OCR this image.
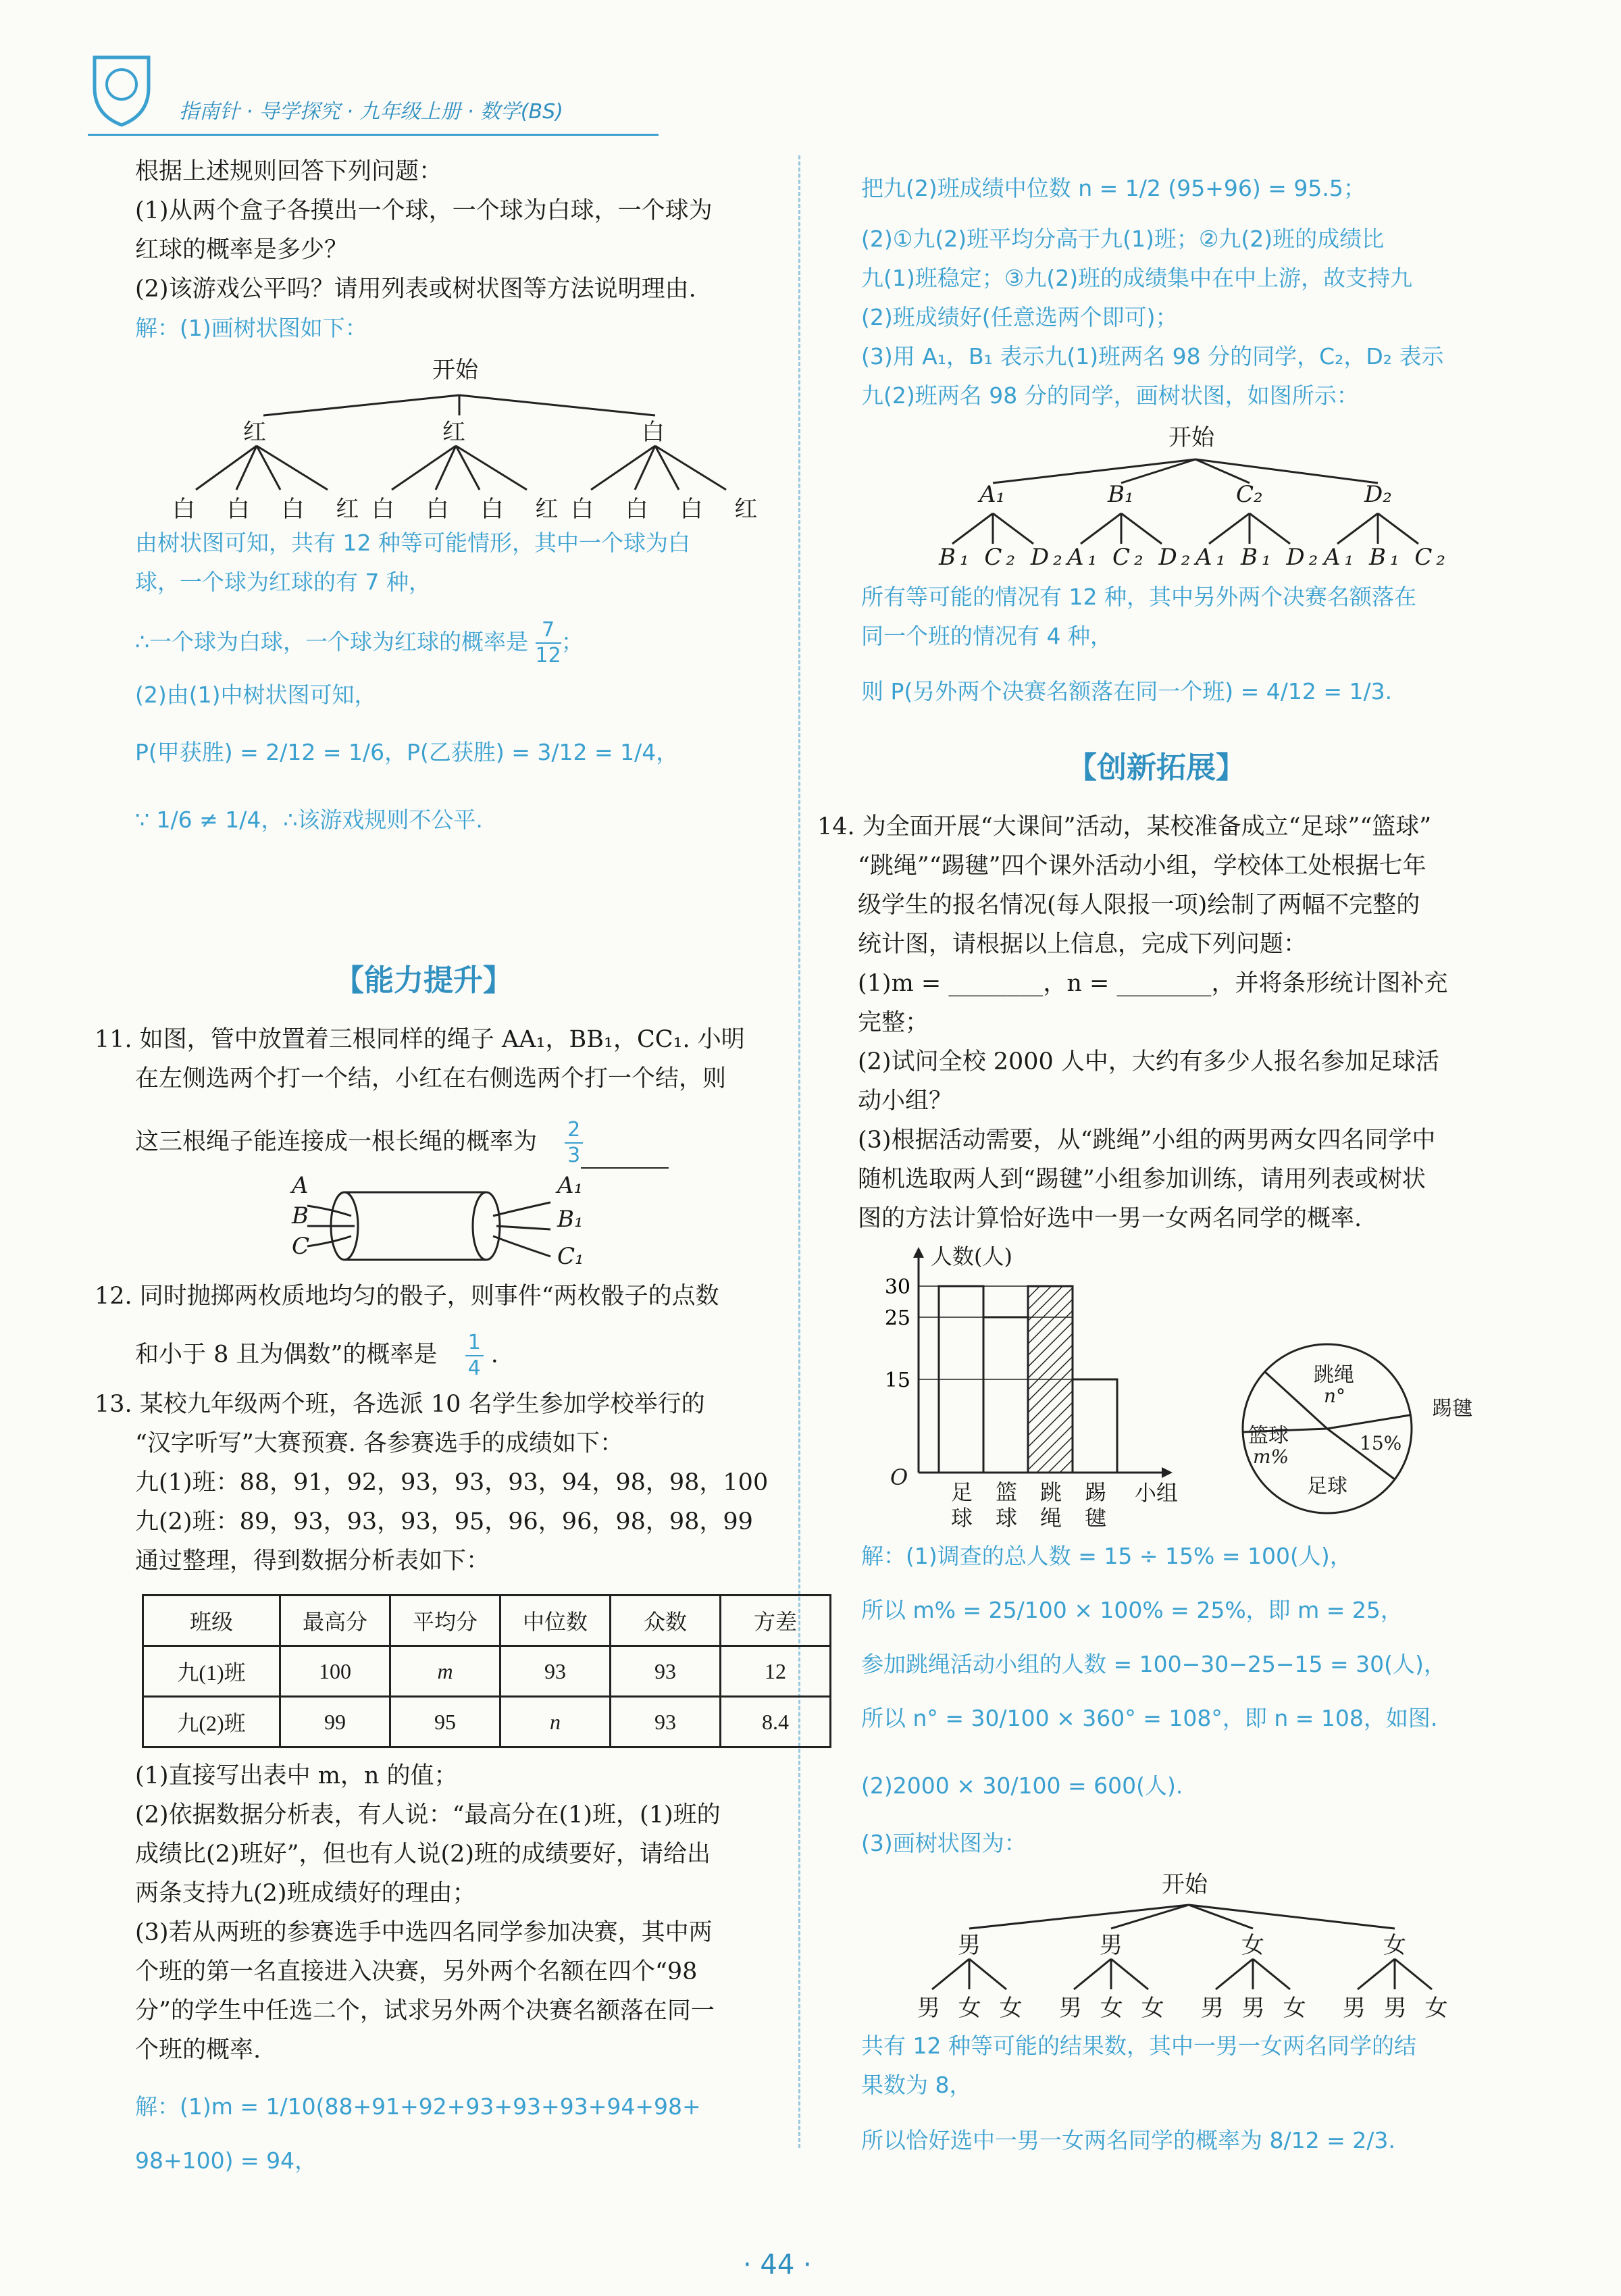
指南针 · 导学探究 · 九年级上册 · 数学(BS)
根据上述规则回答下列问题：
(1)从两个盒子各摸出一个球，一个球为白球，一个球为
红球的概率是多少？
(2)该游戏公平吗？请用列表或树状图等方法说明理由.
解：(1)画树状图如下：
开始
红	红	白
白 白 白 红 白 白 白 红 白 白 白 红
由树状图可知，共有 12 种等可能情形，其中一个球为白
球，一个球为红球的有 7 种，
∴一个球为白球，一个球为红球的概率是 $\frac{7}{12}$ ；
(2)由(1)中树状图可知，
P(甲获胜) = 2/12 = 1/6，P(乙获胜) = 3/12 = 1/4，
∵ 1/6 ≠ 1/4，∴该游戏规则不公平.
【能力提升】
11. 如图，管中放置着三根同样的绳子 AA₁，BB₁，CC₁. 小明
在左侧选两个打一个结，小红在右侧选两个打一个结，则
这三根绳子能连接成一根长绳的概率为 $\frac{2}{3}$
A
B
C
A₁
B₁
C₁
12. 同时抛掷两枚质地均匀的骰子，则事件“两枚骰子的点数
和小于 8 且为偶数”的概率是 $\frac{1}{4}$ .
13. 某校九年级两个班，各选派 10 名学生参加学校举行的
“汉字听写”大赛预赛. 各参赛选手的成绩如下：
九(1)班：88，91，92，93，93，93，94，98，98，100
九(2)班：89，93，93，93，95，96，96，98，98，99
通过整理，得到数据分析表如下：
班级	最高分	平均分	中位数	众数	方差
九(1)班	100	m	93	93	12
九(2)班	99	95	n	93	8.4
(1)直接写出表中 m，n 的值；
(2)依据数据分析表，有人说：“最高分在(1)班，(1)班的
成绩比(2)班好”，但也有人说(2)班的成绩要好，请给出
两条支持九(2)班成绩好的理由；
(3)若从两班的参赛选手中选四名同学参加决赛，其中两
个班的第一名直接进入决赛，另外两个名额在四个“98
分”的学生中任选二个，试求另外两个决赛名额落在同一
个班的概率.
解：(1)m = 1/10(88+91+92+93+93+93+94+98+
98+100) = 94，
把九(2)班成绩中位数 n = 1/2 (95+96) = 95.5；
(2)①九(2)班平均分高于九(1)班；②九(2)班的成绩比
九(1)班稳定；③九(2)班的成绩集中在中上游，故支持九
(2)班成绩好(任意选两个即可)；
(3)用 A₁，B₁ 表示九(1)班两名 98 分的同学，C₂，D₂ 表示
九(2)班两名 98 分的同学，画树状图，如图所示：
开始
A₁	B₁	C₂	D₂
B₁ C₂ D₂ A₁ C₂ D₂ A₁ B₁ D₂ A₁ B₁ C₂
所有等可能的情况有 12 种，其中另外两个决赛名额落在
同一个班的情况有 4 种，
则 P(另外两个决赛名额落在同一个班) = 4/12 = 1/3.
【创新拓展】
14. 为全面开展“大课间”活动，某校准备成立“足球”“篮球”
“跳绳”“踢毽”四个课外活动小组，学校体工处根据七年
级学生的报名情况(每人限报一项)绘制了两幅不完整的
统计图，请根据以上信息，完成下列问题：
(1)m = ________，n = ________，并将条形统计图补充
完整；
(2)试问全校 2000 人中，大约有多少人报名参加足球活
动小组？
(3)根据活动需要，从“跳绳”小组的两男两女四名同学中
随机选取两人到“踢毽”小组参加训练，请用列表或树状
图的方法计算恰好选中一男一女两名同学的概率.
15
25
30
人数(人)
小组
O
足球
篮球
跳绳
踢毽
跳绳
n°
踢毽
15%
篮球
m%
足球
解：(1)调查的总人数 = 15 ÷ 15% = 100(人)，
所以 m% = 25/100 × 100% = 25%，即 m = 25，
参加跳绳活动小组的人数 = 100−30−25−15 = 30(人)，
所以 n° = 30/100 × 360° = 108°，即 n = 108，如图.
(2)2000 × 30/100 = 600(人).
(3)画树状图为：
开始
男	男	女	女
男 女 女 男 女 女 男 男 女 男 男 女
共有 12 种等可能的结果数，其中一男一女两名同学的结
果数为 8，
所以恰好选中一男一女两名同学的概率为 8/12 = 2/3.
· 44 ·
